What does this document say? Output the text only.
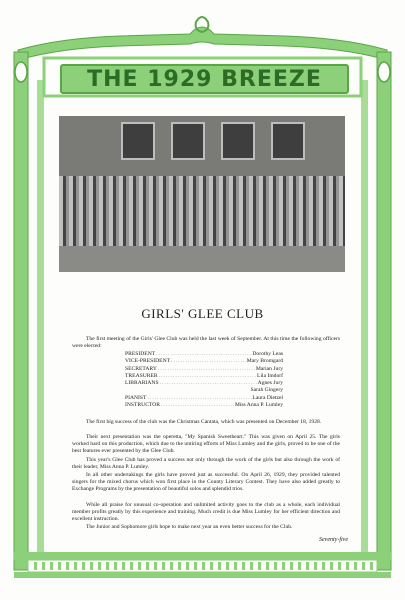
THE 1929 BREEZE
GIRLS' GLEE CLUB
The first meeting of the Girls' Glee Club was held the last week of September. At this time the following officers were elected:
PRESIDENT .....	Dorothy Leas
VICE-PRESIDENT .....	Mary Bromgard
SECRETARY .....	Marian Jury
TREASURER .....	Lila Imdorf
LIBRARIANS .....	Agnes Jury
Sarah Gingery
PIANIST .....	Laura Dietzel
INSTRUCTOR .....	Miss Anna P. Lumley
The first big success of the club was the Christmas Cantata, which was presented on December 18, 1928.
Their next presentation was the operetta, "My Spanish Sweetheart." This was given on April 25. The girls worked hard on this production, which due to the untiring efforts of Miss Lumley and the girls, proved to be one of the best features ever presented by the Glee Club.
This year's Glee Club has proved a success not only through the work of the girls but also through the work of their leader, Miss Anna P. Lumley.
In all other undertakings the girls have proved just as successful. On April 26, 1929, they provided talented singers for the mixed chorus which won first place in the County Literary Contest. They have also added greatly to Exchange Programs by the presentation of beautiful solos and splendid trios.
While all praise for unusual co-operation and unlimited activity goes to the club as a whole, each individual member profits greatly by this experience and training. Much credit is due Miss Lumley for her efficient direction and excellent instruction.
The Junior and Sophomore girls hope to make next year an even better success for the Club.
Seventy-five
